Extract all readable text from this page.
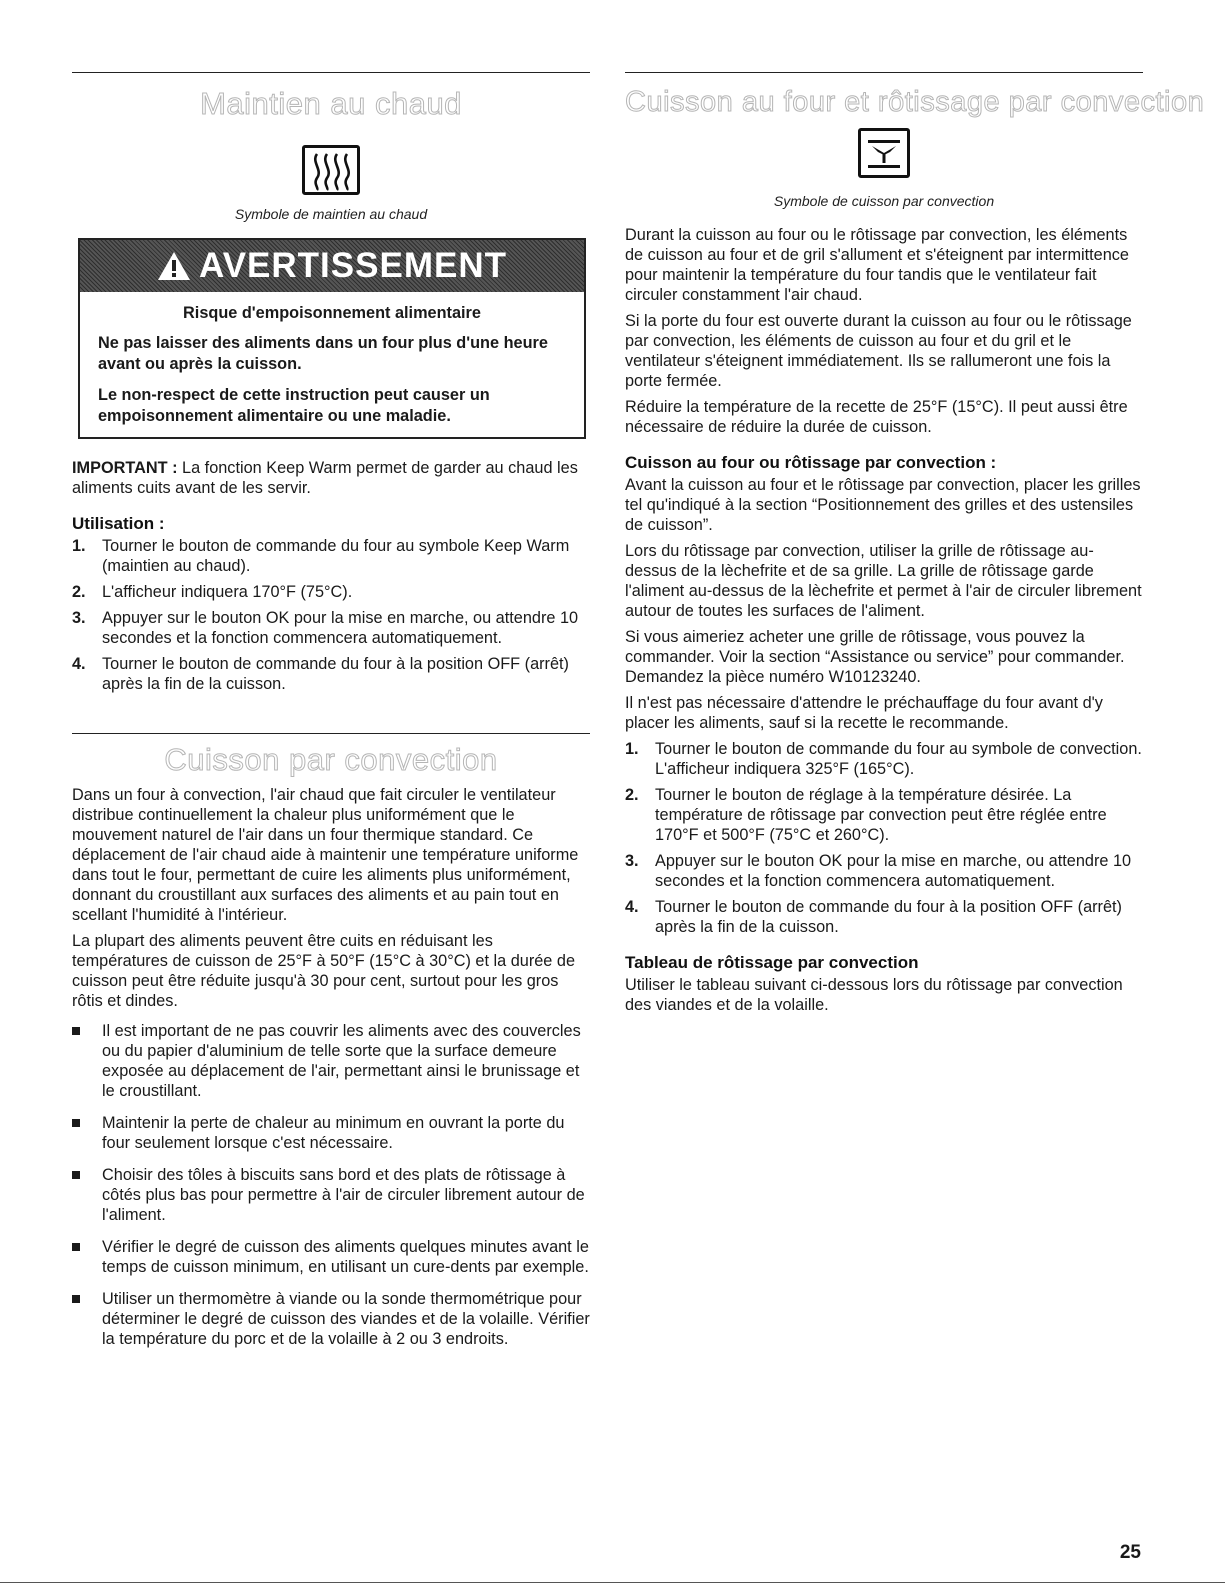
Maintien au chaud

Symbole de maintien au chaud

AVERTISSEMENT

Risque d'empoisonnement alimentaire

Ne pas laisser des aliments dans un four plus d'une heure avant ou après la cuisson.

Le non-respect de cette instruction peut causer un empoisonnement alimentaire ou une maladie.

IMPORTANT : La fonction Keep Warm permet de garder au chaud les aliments cuits avant de les servir.

Utilisation :
1. Tourner le bouton de commande du four au symbole Keep Warm (maintien au chaud).
2. L'afficheur indiquera 170°F (75°C).
3. Appuyer sur le bouton OK pour la mise en marche, ou attendre 10 secondes et la fonction commencera automatiquement.
4. Tourner le bouton de commande du four à la position OFF (arrêt) après la fin de la cuisson.
Cuisson par convection

Dans un four à convection, l'air chaud que fait circuler le ventilateur distribue continuellement la chaleur plus uniformément que le mouvement naturel de l'air dans un four thermique standard. Ce déplacement de l'air chaud aide à maintenir une température uniforme dans tout le four, permettant de cuire les aliments plus uniformément, donnant du croustillant aux surfaces des aliments et au pain tout en scellant l'humidité à l'intérieur.

La plupart des aliments peuvent être cuits en réduisant les températures de cuisson de 25°F à 50°F (15°C à 30°C) et la durée de cuisson peut être réduite jusqu'à 30 pour cent, surtout pour les gros rôtis et dindes.

Il est important de ne pas couvrir les aliments avec des couvercles ou du papier d'aluminium de telle sorte que la surface demeure exposée au déplacement de l'air, permettant ainsi le brunissage et le croustillant.
Maintenir la perte de chaleur au minimum en ouvrant la porte du four seulement lorsque c'est nécessaire.
Choisir des tôles à biscuits sans bord et des plats de rôtissage à côtés plus bas pour permettre à l'air de circuler librement autour de l'aliment.
Vérifier le degré de cuisson des aliments quelques minutes avant le temps de cuisson minimum, en utilisant un cure-dents par exemple.
Utiliser un thermomètre à viande ou la sonde thermométrique pour déterminer le degré de cuisson des viandes et de la volaille. Vérifier la température du porc et de la volaille à 2 ou 3 endroits.
Cuisson au four et rôtissage par convection

Symbole de cuisson par convection

Durant la cuisson au four ou le rôtissage par convection, les éléments de cuisson au four et de gril s'allument et s'éteignent par intermittence pour maintenir la température du four tandis que le ventilateur fait circuler constamment l'air chaud.

Si la porte du four est ouverte durant la cuisson au four ou le rôtissage par convection, les éléments de cuisson au four et du gril et le ventilateur s'éteignent immédiatement. Ils se rallumeront une fois la porte fermée.

Réduire la température de la recette de 25°F (15°C). Il peut aussi être nécessaire de réduire la durée de cuisson.

Cuisson au four ou rôtissage par convection :

Avant la cuisson au four et le rôtissage par convection, placer les grilles tel qu'indiqué à la section “Positionnement des grilles et des ustensiles de cuisson”.

Lors du rôtissage par convection, utiliser la grille de rôtissage au-dessus de la lèchefrite et de sa grille. La grille de rôtissage garde l'aliment au-dessus de la lèchefrite et permet à l'air de circuler librement autour de toutes les surfaces de l'aliment.

Si vous aimeriez acheter une grille de rôtissage, vous pouvez la commander. Voir la section “Assistance ou service” pour commander. Demandez la pièce numéro W10123240.

Il n'est pas nécessaire d'attendre le préchauffage du four avant d'y placer les aliments, sauf si la recette le recommande.

1. Tourner le bouton de commande du four au symbole de convection. L'afficheur indiquera 325°F (165°C).
2. Tourner le bouton de réglage à la température désirée. La température de rôtissage par convection peut être réglée entre 170°F et 500°F (75°C et 260°C).
3. Appuyer sur le bouton OK pour la mise en marche, ou attendre 10 secondes et la fonction commencera automatiquement.
4. Tourner le bouton de commande du four à la position OFF (arrêt) après la fin de la cuisson.
Tableau de rôtissage par convection

Utiliser le tableau suivant ci-dessous lors du rôtissage par convection des viandes et de la volaille.

25
